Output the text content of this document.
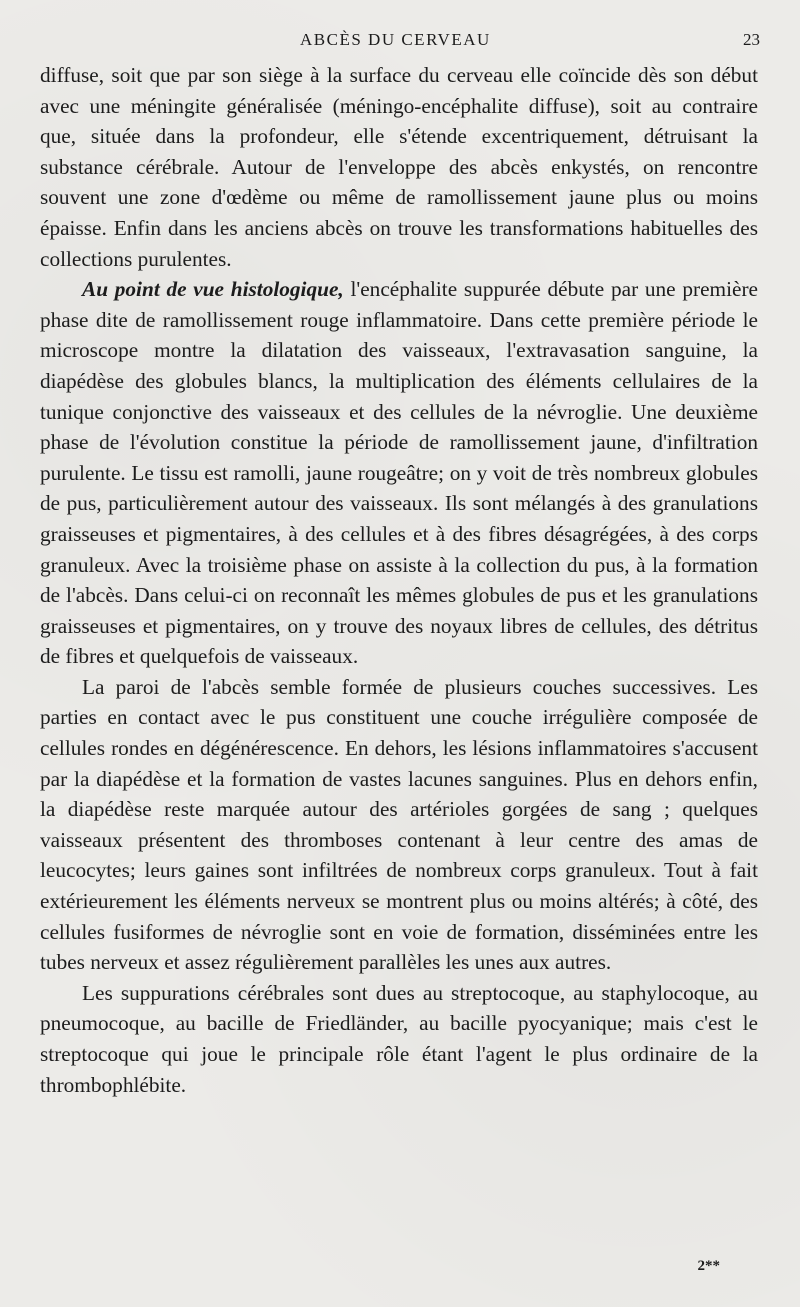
ABCÈS DU CERVEAU	23

diffuse, soit que par son siège à la surface du cerveau elle coïncide dès son début avec une méningite généralisée (méningo-encéphalite diffuse), soit au contraire que, située dans la profondeur, elle s'étende excentriquement, détruisant la substance cérébrale. Autour de l'enveloppe des abcès enkystés, on rencontre souvent une zone d'œdème ou même de ramollissement jaune plus ou moins épaisse. Enfin dans les anciens abcès on trouve les transformations habituelles des collections purulentes.

Au point de vue histologique, l'encéphalite suppurée débute par une première phase dite de ramollissement rouge inflammatoire. Dans cette première période le microscope montre la dilatation des vaisseaux, l'extravasation sanguine, la diapédèse des globules blancs, la multiplication des éléments cellulaires de la tunique conjonctive des vaisseaux et des cellules de la névroglie. Une deuxième phase de l'évolution constitue la période de ramollissement jaune, d'infiltration purulente. Le tissu est ramolli, jaune rougeâtre; on y voit de très nombreux globules de pus, particulièrement autour des vaisseaux. Ils sont mélangés à des granulations graisseuses et pigmentaires, à des cellules et à des fibres désagrégées, à des corps granuleux. Avec la troisième phase on assiste à la collection du pus, à la formation de l'abcès. Dans celui-ci on reconnaît les mêmes globules de pus et les granulations graisseuses et pigmentaires, on y trouve des noyaux libres de cellules, des détritus de fibres et quelquefois de vaisseaux.

La paroi de l'abcès semble formée de plusieurs couches successives. Les parties en contact avec le pus constituent une couche irrégulière composée de cellules rondes en dégénérescence. En dehors, les lésions inflammatoires s'accusent par la diapédèse et la formation de vastes lacunes sanguines. Plus en dehors enfin, la diapédèse reste marquée autour des artérioles gorgées de sang ; quelques vaisseaux présentent des thromboses contenant à leur centre des amas de leucocytes; leurs gaines sont infiltrées de nombreux corps granuleux. Tout à fait extérieurement les éléments nerveux se montrent plus ou moins altérés; à côté, des cellules fusiformes de névroglie sont en voie de formation, disséminées entre les tubes nerveux et assez régulièrement parallèles les unes aux autres.

Les suppurations cérébrales sont dues au streptocoque, au staphylocoque, au pneumocoque, au bacille de Friedländer, au bacille pyocyanique; mais c'est le streptocoque qui joue le principale rôle étant l'agent le plus ordinaire de la thrombophlébite.

2**
